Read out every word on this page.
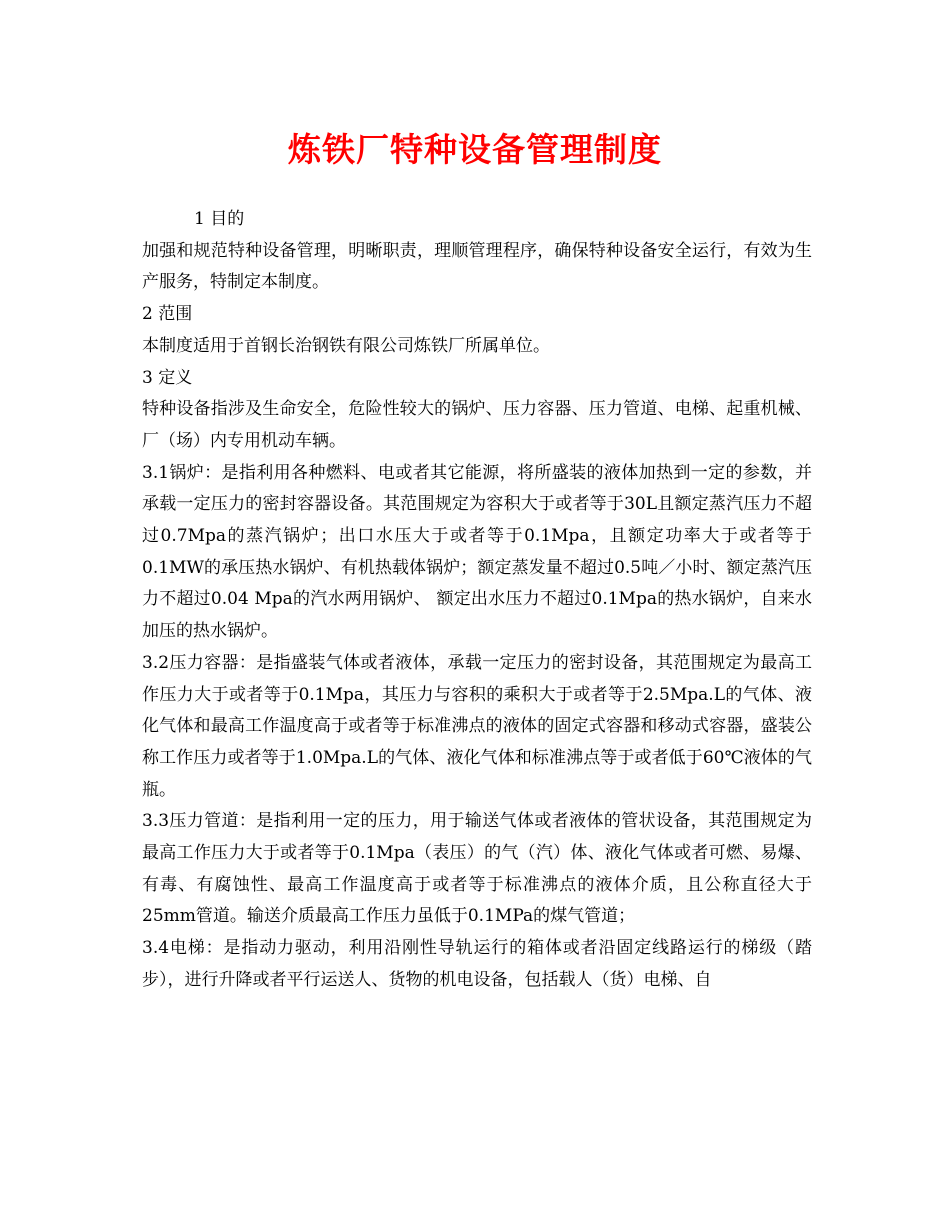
炼铁厂特种设备管理制度

1 目的

加强和规范特种设备管理，明晰职责，理顺管理程序，确保特种设备安全运行，有效为生产服务，特制定本制度。

2 范围

本制度适用于首钢长治钢铁有限公司炼铁厂所属单位。

3 定义

特种设备指涉及生命安全，危险性较大的锅炉、压力容器、压力管道、电梯、起重机械、厂（场）内专用机动车辆。

3.1锅炉：是指利用各种燃料、电或者其它能源，将所盛装的液体加热到一定的参数，并承载一定压力的密封容器设备。其范围规定为容积大于或者等于30L且额定蒸汽压力不超过0.7Mpa的蒸汽锅炉；出口水压大于或者等于0.1Mpa，且额定功率大于或者等于0.1MW的承压热水锅炉、有机热载体锅炉；额定蒸发量不超过0.5吨／小时、额定蒸汽压力不超过0.04 Mpa的汽水两用锅炉、 额定出水压力不超过0.1Mpa的热水锅炉，自来水加压的热水锅炉。

3.2压力容器：是指盛装气体或者液体，承载一定压力的密封设备，其范围规定为最高工作压力大于或者等于0.1Mpa，其压力与容积的乘积大于或者等于2.5Mpa.L的气体、液化气体和最高工作温度高于或者等于标准沸点的液体的固定式容器和移动式容器，盛装公称工作压力或者等于1.0Mpa.L的气体、液化气体和标准沸点等于或者低于60℃液体的气瓶。

3.3压力管道：是指利用一定的压力，用于输送气体或者液体的管状设备，其范围规定为最高工作压力大于或者等于0.1Mpa（表压）的气（汽）体、液化气体或者可燃、易爆、有毒、有腐蚀性、最高工作温度高于或者等于标准沸点的液体介质，且公称直径大于25mm管道。输送介质最高工作压力虽低于0.1MPa的煤气管道；

3.4电梯：是指动力驱动，利用沿刚性导轨运行的箱体或者沿固定线路运行的梯级（踏步），进行升降或者平行运送人、货物的机电设备，包括载人（货）电梯、自
